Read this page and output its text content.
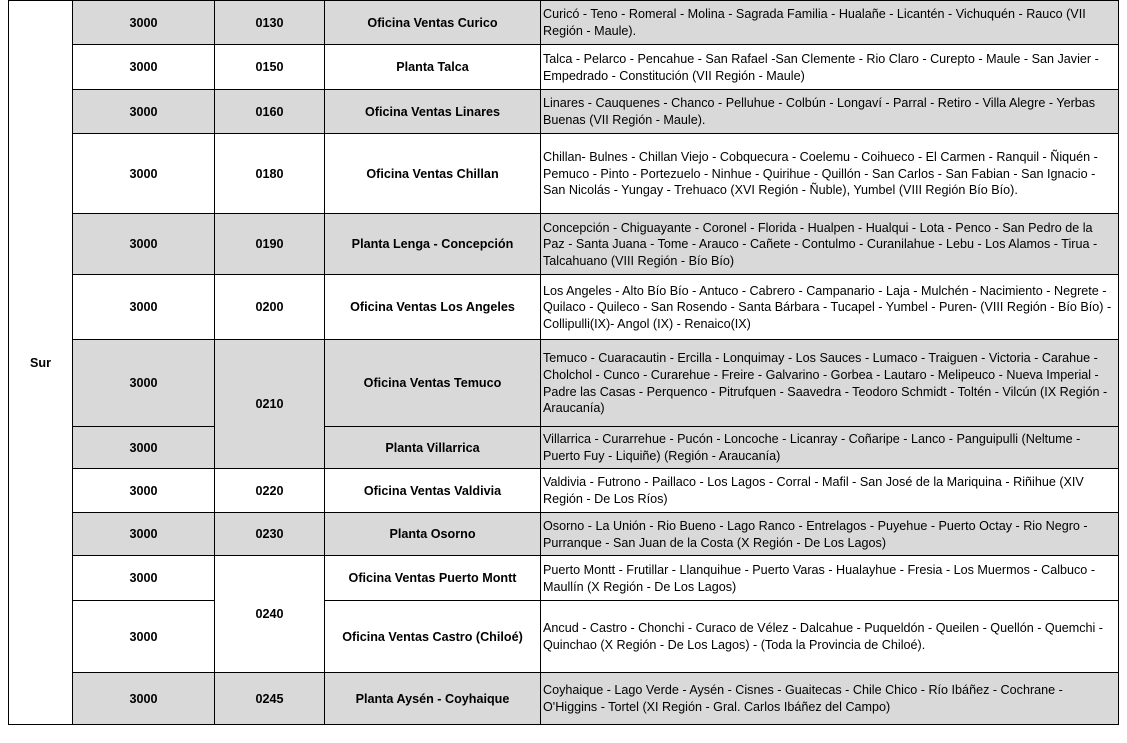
Sur	3000	0130	Oficina Ventas Curico	Curicó - Teno - Romeral - Molina - Sagrada Familia - Hualañe - Licantén - Vichuquén - Rauco (VII Región - Maule).
	3000	0150	Planta Talca	Talca - Pelarco - Pencahue - San Rafael -San Clemente - Rio Claro - Curepto - Maule - San Javier - Empedrado - Constitución (VII Región - Maule)
	3000	0160	Oficina Ventas Linares	Linares - Cauquenes - Chanco - Pelluhue - Colbún - Longaví - Parral - Retiro - Villa Alegre - Yerbas Buenas (VII Región - Maule).
	3000	0180	Oficina Ventas Chillan	Chillan- Bulnes - Chillan Viejo - Cobquecura - Coelemu - Coihueco - El Carmen - Ranquil - Ñiquén - Pemuco - Pinto - Portezuelo - Ninhue - Quirihue - Quillón - San Carlos - San Fabian - San Ignacio - San Nicolás - Yungay - Trehuaco (XVI Región - Ñuble), Yumbel (VIII Región Bío Bío).
	3000	0190	Planta Lenga - Concepción	Concepción - Chiguayante - Coronel - Florida - Hualpen - Hualqui - Lota - Penco - San Pedro de la Paz - Santa Juana - Tome - Arauco - Cañete - Contulmo - Curanilahue - Lebu - Los Alamos - Tirua - Talcahuano (VIII Región - Bío Bío)
	3000	0200	Oficina Ventas Los Angeles	Los Angeles - Alto Bío Bío - Antuco - Cabrero - Campanario - Laja - Mulchén - Nacimiento - Negrete - Quilaco - Quileco - San Rosendo - Santa Bárbara - Tucapel - Yumbel - Puren- (VIII Región - Bío Bío) - Collipulli(IX)- Angol (IX) - Renaico(IX)
	3000	0210	Oficina Ventas Temuco	Temuco - Cuaracautin - Ercilla - Lonquimay - Los Sauces - Lumaco - Traiguen - Victoria - Carahue - Cholchol - Cunco - Curarehue - Freire - Galvarino - Gorbea - Lautaro - Melipeuco - Nueva Imperial - Padre las Casas - Perquenco - Pitrufquen - Saavedra - Teodoro Schmidt - Toltén - Vilcún (IX Región - Araucanía)
	3000		Planta Villarrica	Villarrica - Curarrehue - Pucón - Loncoche - Licanray - Coñaripe - Lanco - Panguipulli (Neltume - Puerto Fuy - Liquiñe) (Región - Araucanía)
	3000	0220	Oficina Ventas Valdivia	Valdivia - Futrono - Paillaco - Los Lagos - Corral - Mafil - San José de la Mariquina - Riñihue (XIV Región - De Los Ríos)
	3000	0230	Planta Osorno	Osorno - La Unión - Rio Bueno - Lago Ranco - Entrelagos - Puyehue - Puerto Octay - Rio Negro - Purranque - San Juan de la Costa (X Región - De Los Lagos)
	3000	0240	Oficina Ventas Puerto Montt	Puerto Montt - Frutillar - Llanquihue - Puerto Varas - Hualayhue - Fresia - Los Muermos - Calbuco - Maullín (X Región - De Los Lagos)
	3000		Oficina Ventas Castro (Chiloé)	Ancud - Castro - Chonchi - Curaco de Vélez - Dalcahue - Puqueldón - Queilen - Quellón - Quemchi - Quinchao (X Región - De Los Lagos) - (Toda la Provincia de Chiloé).
	3000	0245	Planta Aysén - Coyhaique	Coyhaique - Lago Verde - Aysén - Cisnes - Guaitecas - Chile Chico - Río Ibáñez - Cochrane - O'Higgins - Tortel (XI Región - Gral. Carlos Ibáñez del Campo)
